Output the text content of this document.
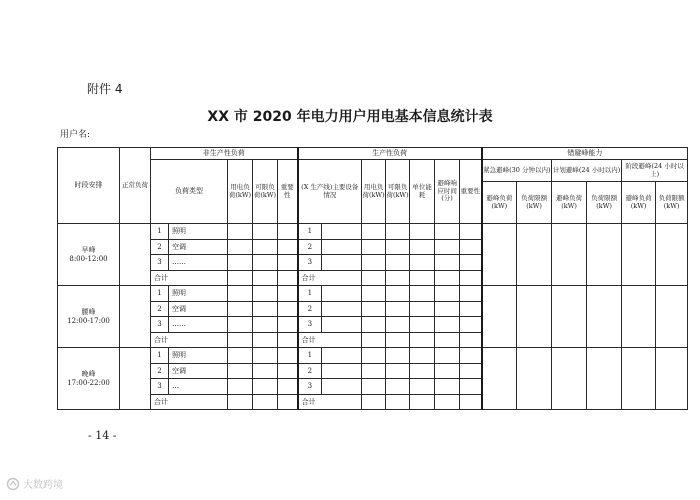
附件 4
XX 市 2020 年电力用户用电基本信息统计表
用户名:
时段安排	正常负荷	非生产性负荷					生产性负荷							错避峰能力					
		负荷类型		用电负荷(kW)	可限负荷(kW)	重要性	(X 生产线)主要设备情况		用电负荷(kW)	可限负荷(kW)	单位能耗	避峰响应时间(分)	重要性	紧急避峰(30 分钟以内)		计划避峰(24 小时以内)		阶段避峰(24 小时以上)	
														避峰负荷(kW)	负荷限额(kW)	避峰负荷(kW)	负荷限额(kW)	避峰负荷(kW)	负荷限额(kW)

早峰
8:00-12:00		1	照明				1												
		2	空调				2												
		3	……				3												
		合计					合计												

腰峰
12:00-17:00		1	照明				1												
		2	空调				2												
		3	……				3												
		合计					合计												

晚峰
17:00-22:00		1	照明				1												
		2	空调				2												
		3	…				3												
		合计					合计												
- 14 -
大数跨境
